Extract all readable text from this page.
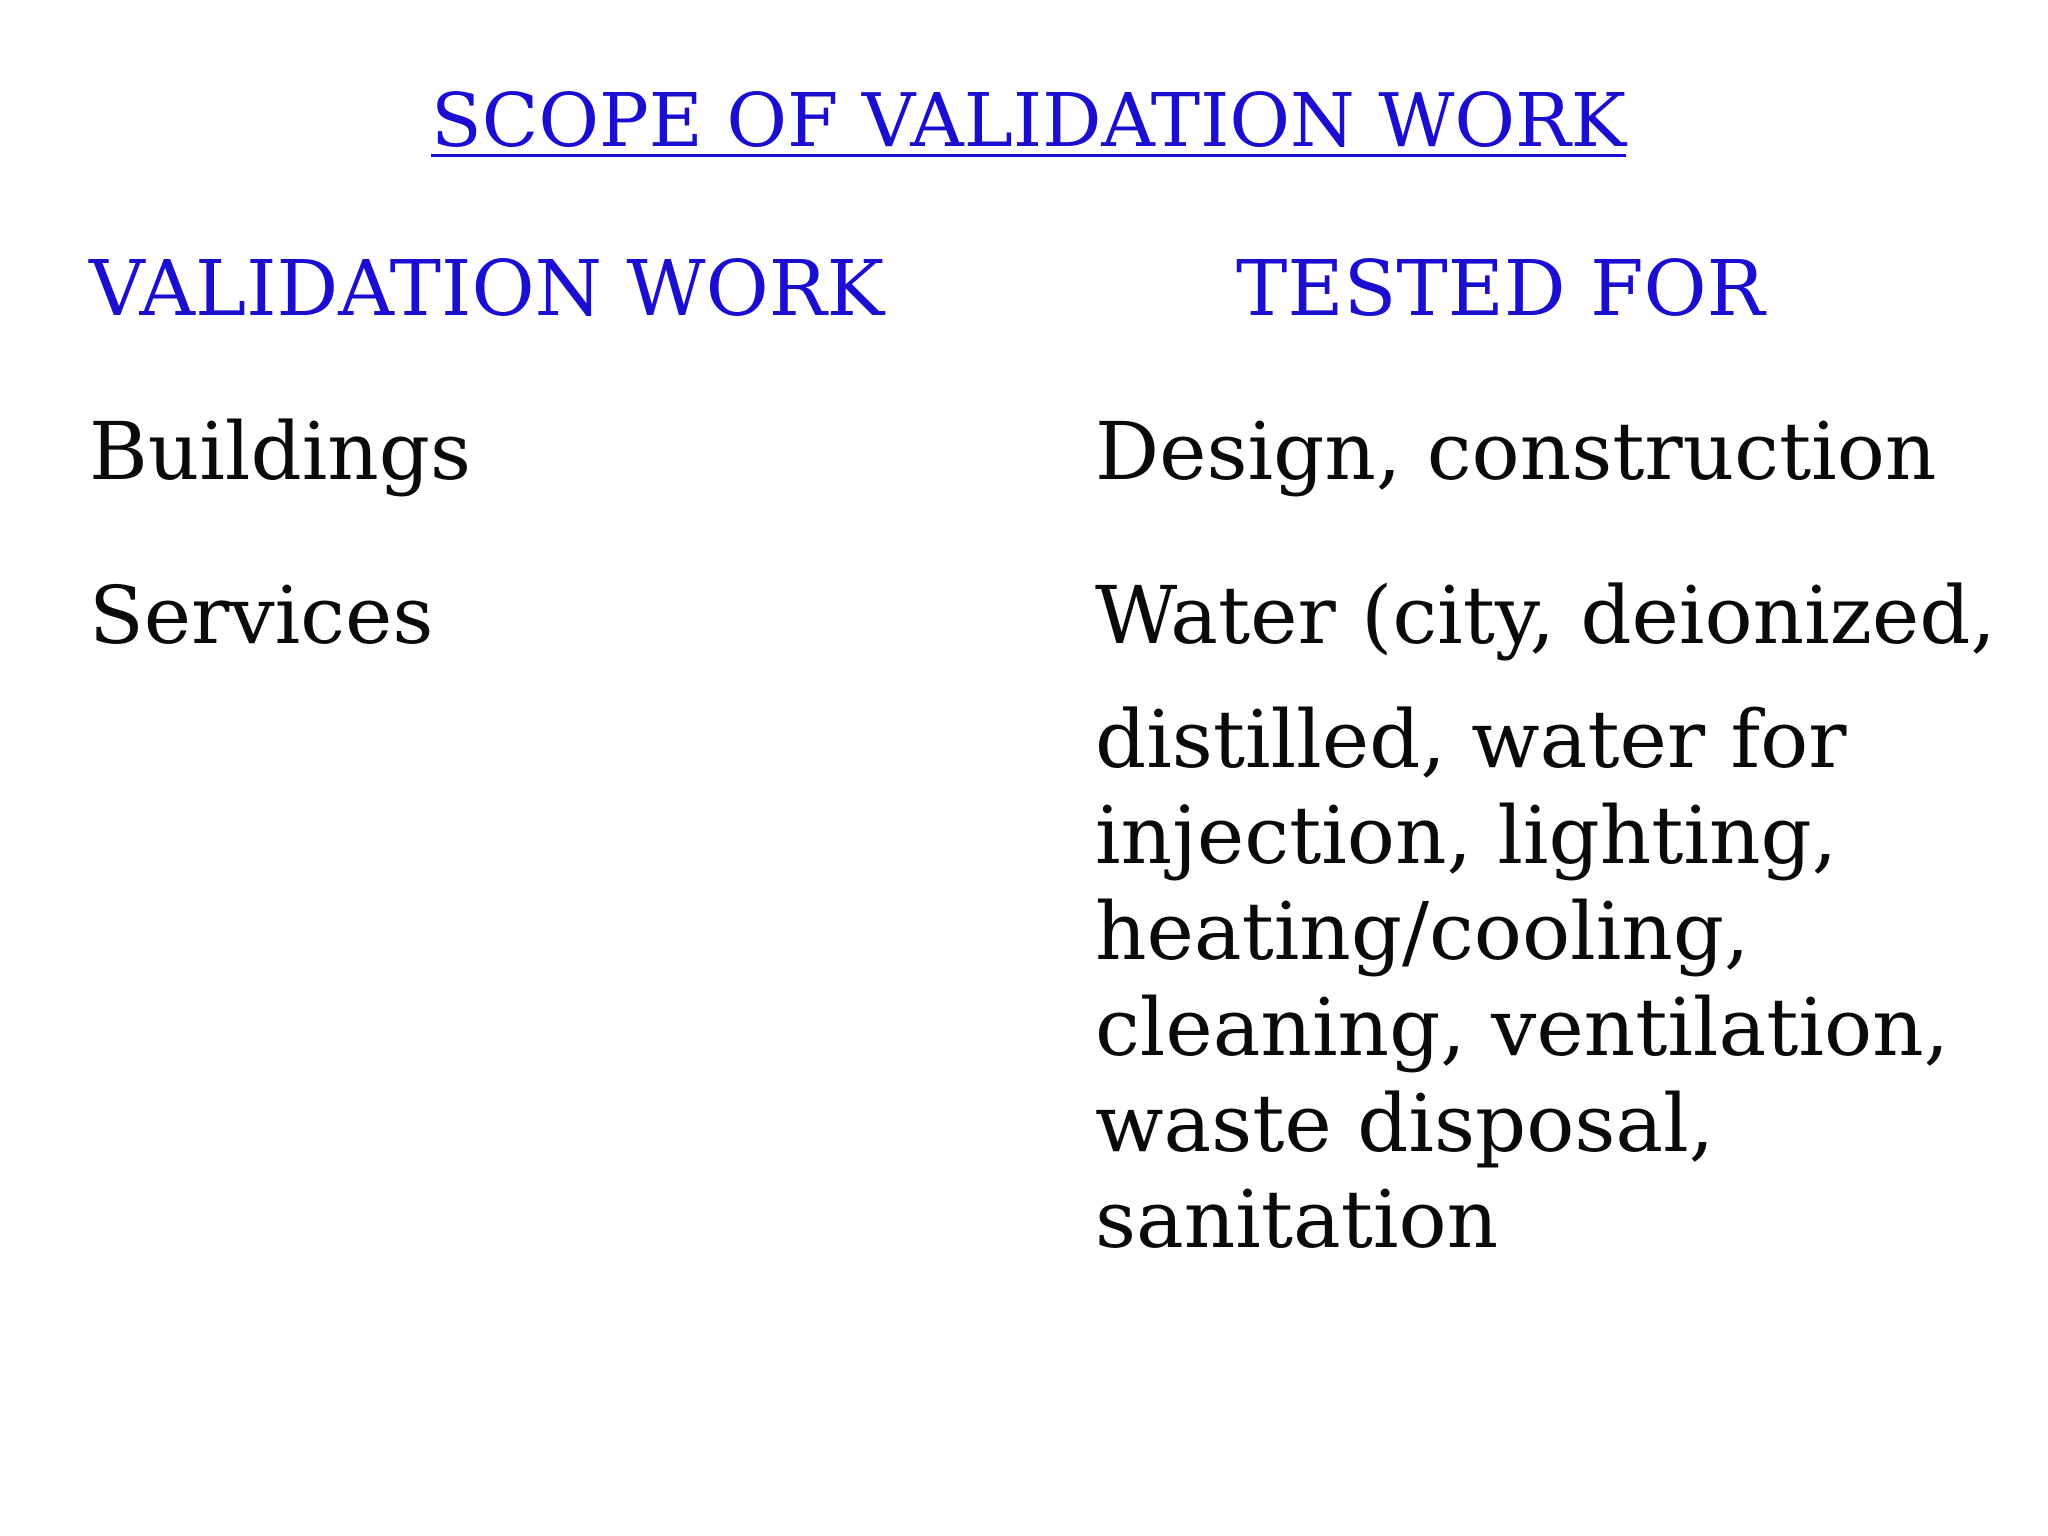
SCOPE OF VALIDATION WORK
VALIDATION WORK	TESTED FOR
Buildings	Design, construction
Services	Water (city, deionized,
distilled, water for
injection, lighting,
heating/cooling,
cleaning, ventilation,
waste disposal,
sanitation
